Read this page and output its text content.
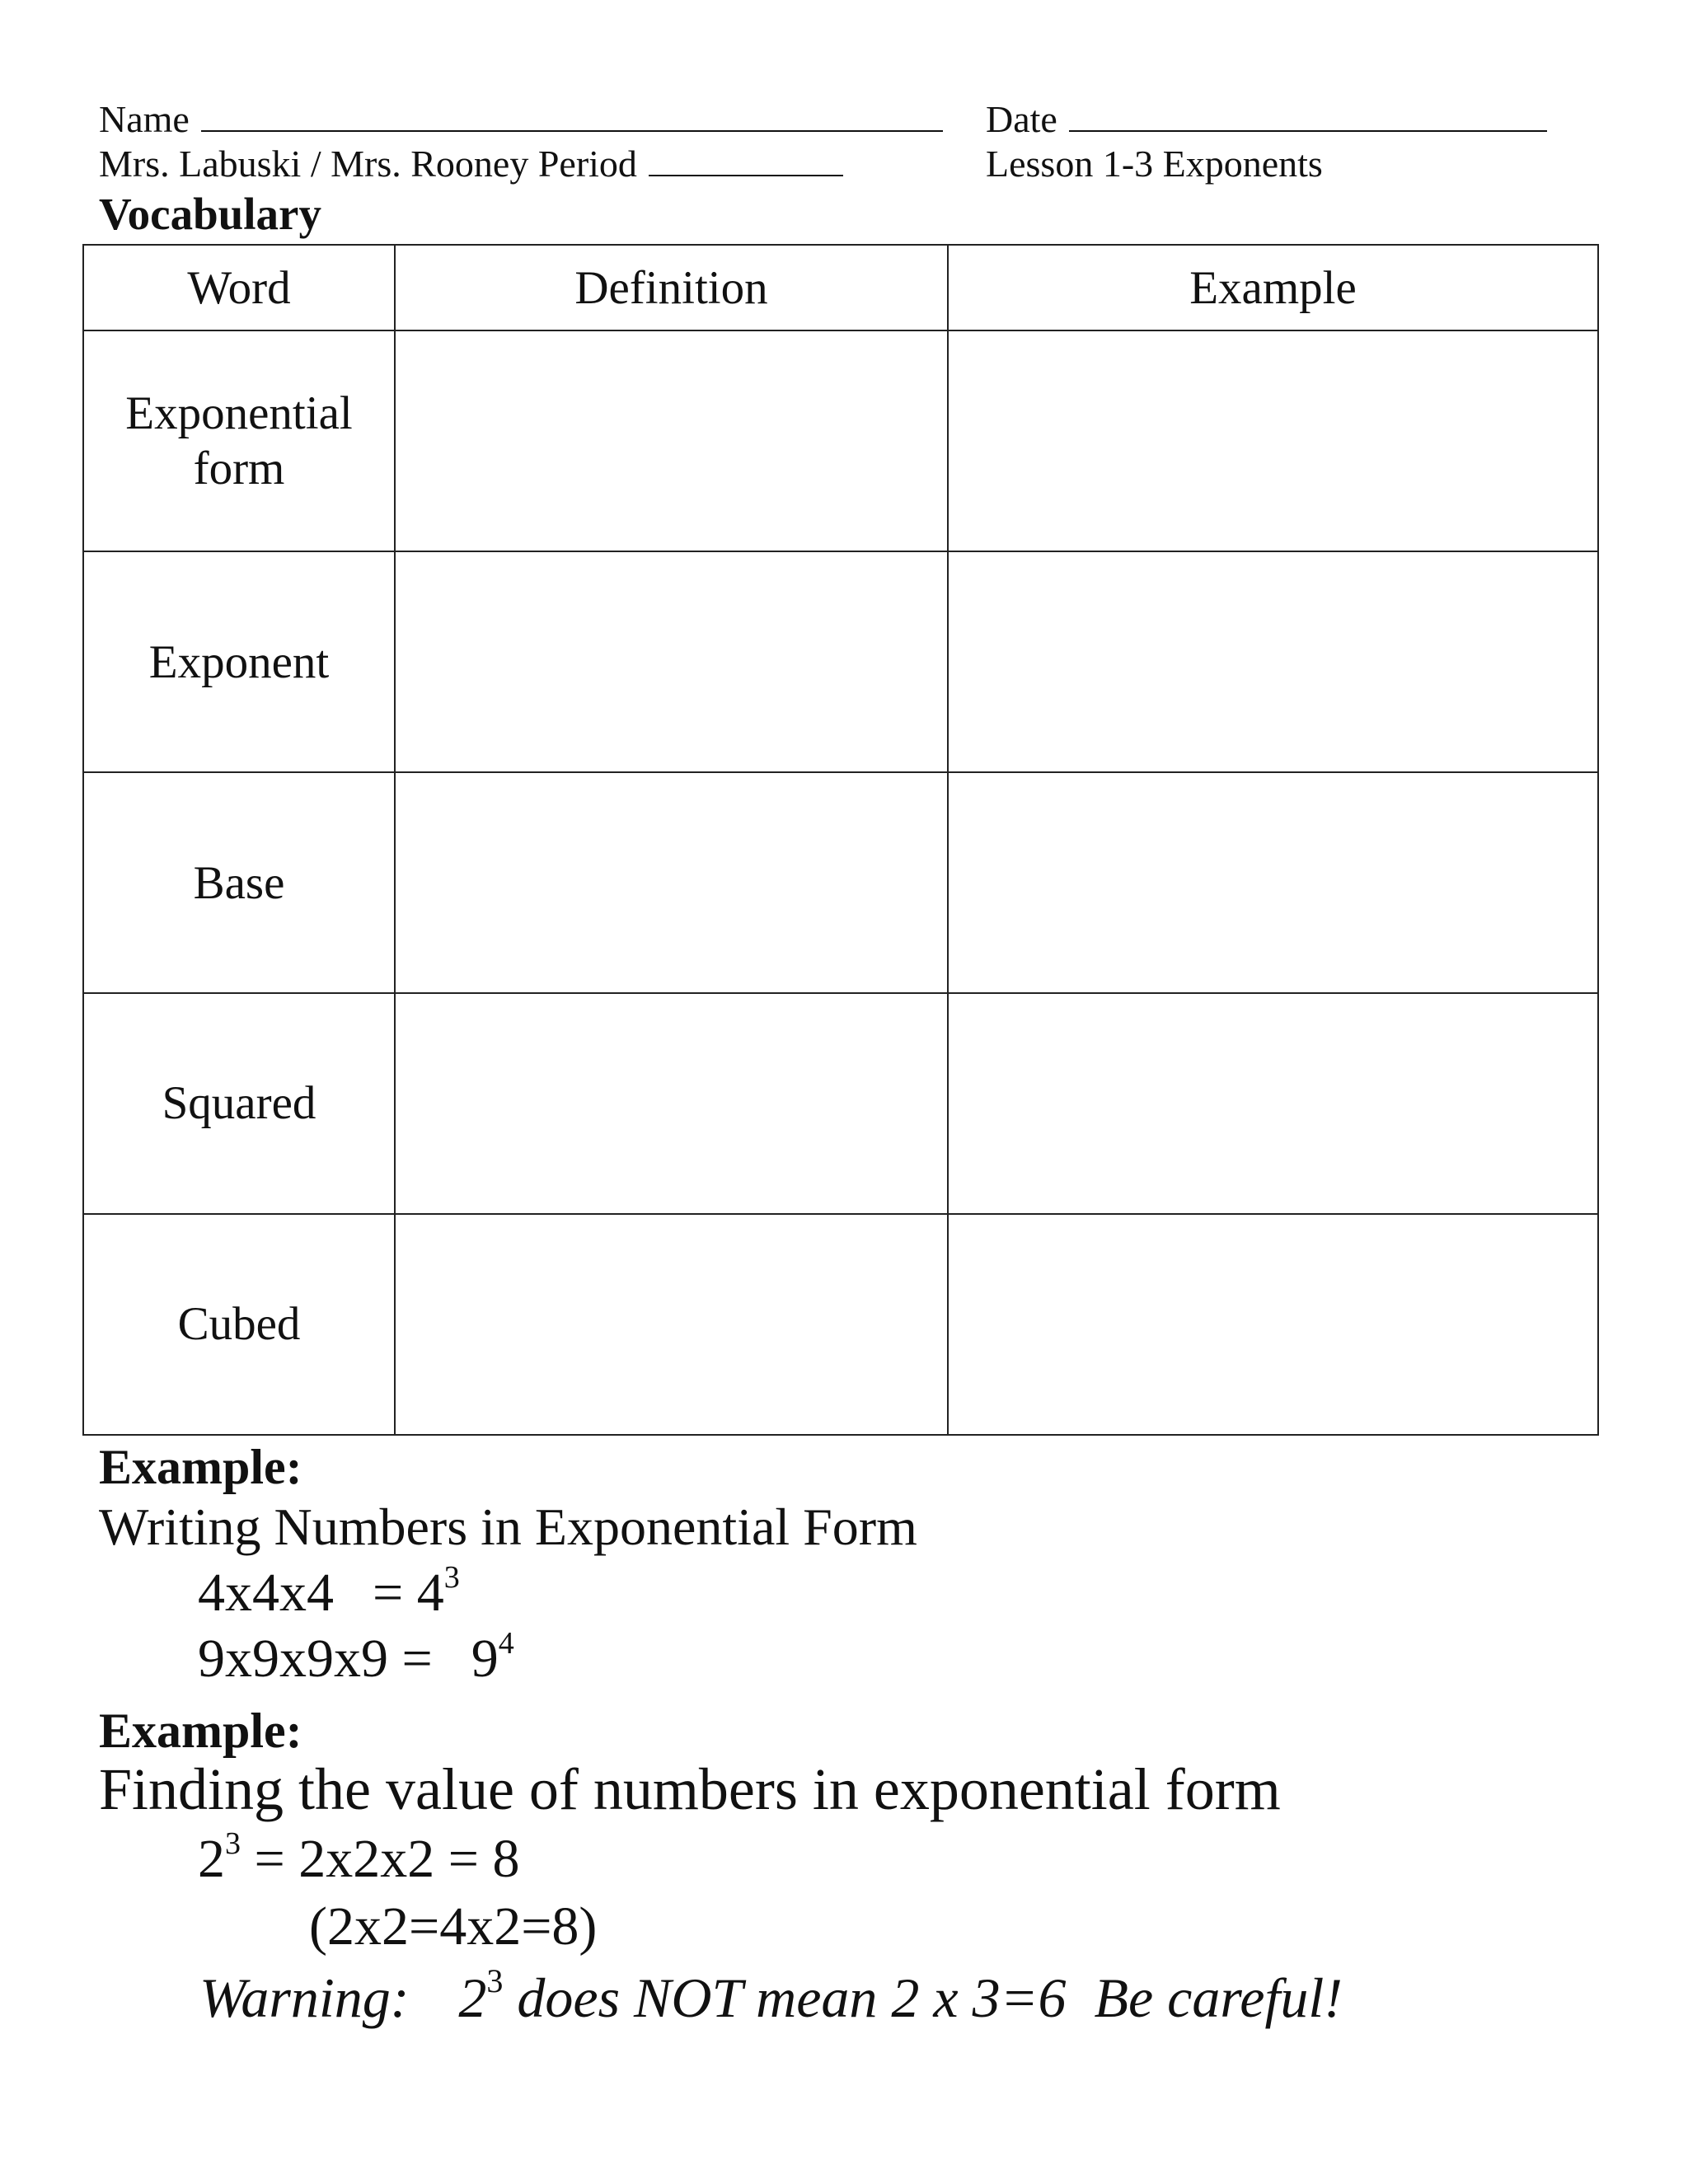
Name	Date
Mrs. Labuski / Mrs. Rooney Period	Lesson 1-3 Exponents
Vocabulary
Word	Definition	Example
Exponential form		
Exponent		
Base		
Squared		
Cubed		
Example:
Writing Numbers in Exponential Form
$4x4x4 = 4^3$
$9x9x9x9 = 9^4$
Example:
Finding the value of numbers in exponential form
$2^3 = 2x2x2 = 8$
(2x2=4x2=8)
Warning: $2^3$ does NOT mean 2 x 3=6  Be careful!
